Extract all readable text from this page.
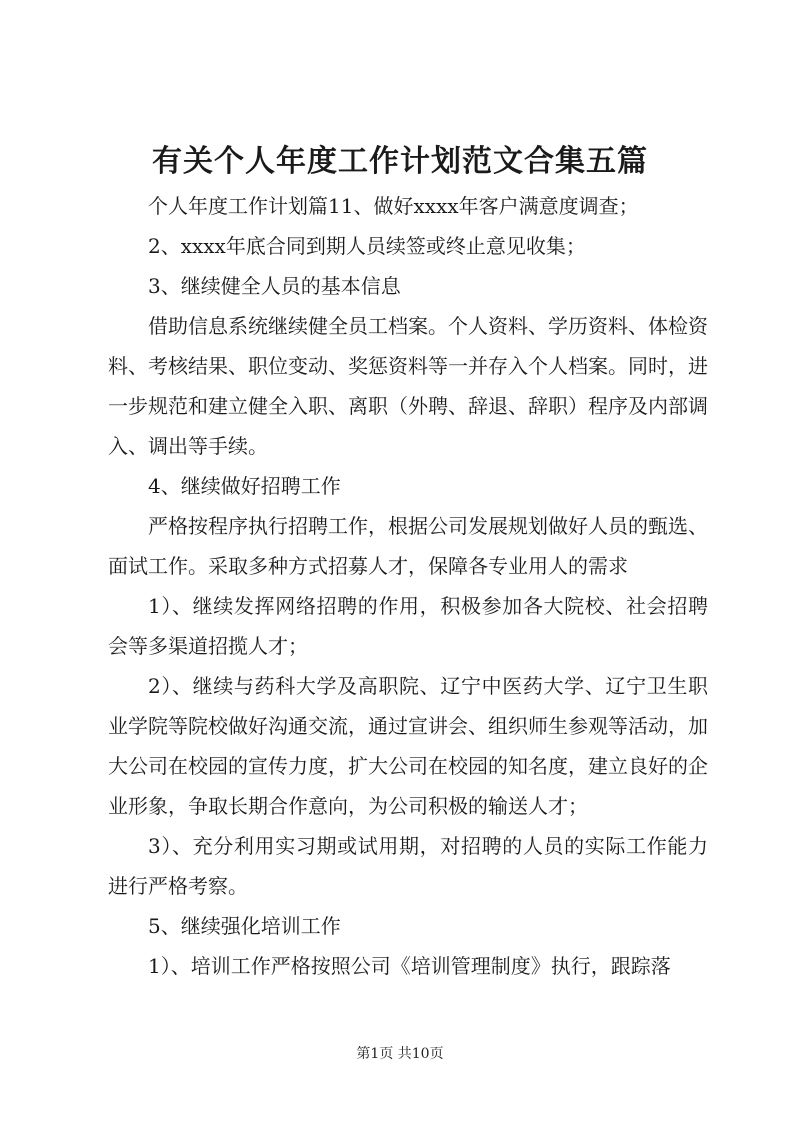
有关个人年度工作计划范文合集五篇

个人年度工作计划篇11、做好xxxx年客户满意度调查；

2、xxxx年底合同到期人员续签或终止意见收集；

3、继续健全人员的基本信息

借助信息系统继续健全员工档案。个人资料、学历资料、体检资料、考核结果、职位变动、奖惩资料等一并存入个人档案。同时，进一步规范和建立健全入职、离职（外聘、辞退、辞职）程序及内部调入、调出等手续。

4、继续做好招聘工作

严格按程序执行招聘工作，根据公司发展规划做好人员的甄选、面试工作。采取多种方式招募人才，保障各专业用人的需求

1）、继续发挥网络招聘的作用，积极参加各大院校、社会招聘会等多渠道招揽人才；

2）、继续与药科大学及高职院、辽宁中医药大学、辽宁卫生职业学院等院校做好沟通交流，通过宣讲会、组织师生参观等活动，加大公司在校园的宣传力度，扩大公司在校园的知名度，建立良好的企业形象，争取长期合作意向，为公司积极的输送人才；

3）、充分利用实习期或试用期，对招聘的人员的实际工作能力进行严格考察。

5、继续强化培训工作

1）、培训工作严格按照公司《培训管理制度》执行，跟踪落

第1页 共10页
